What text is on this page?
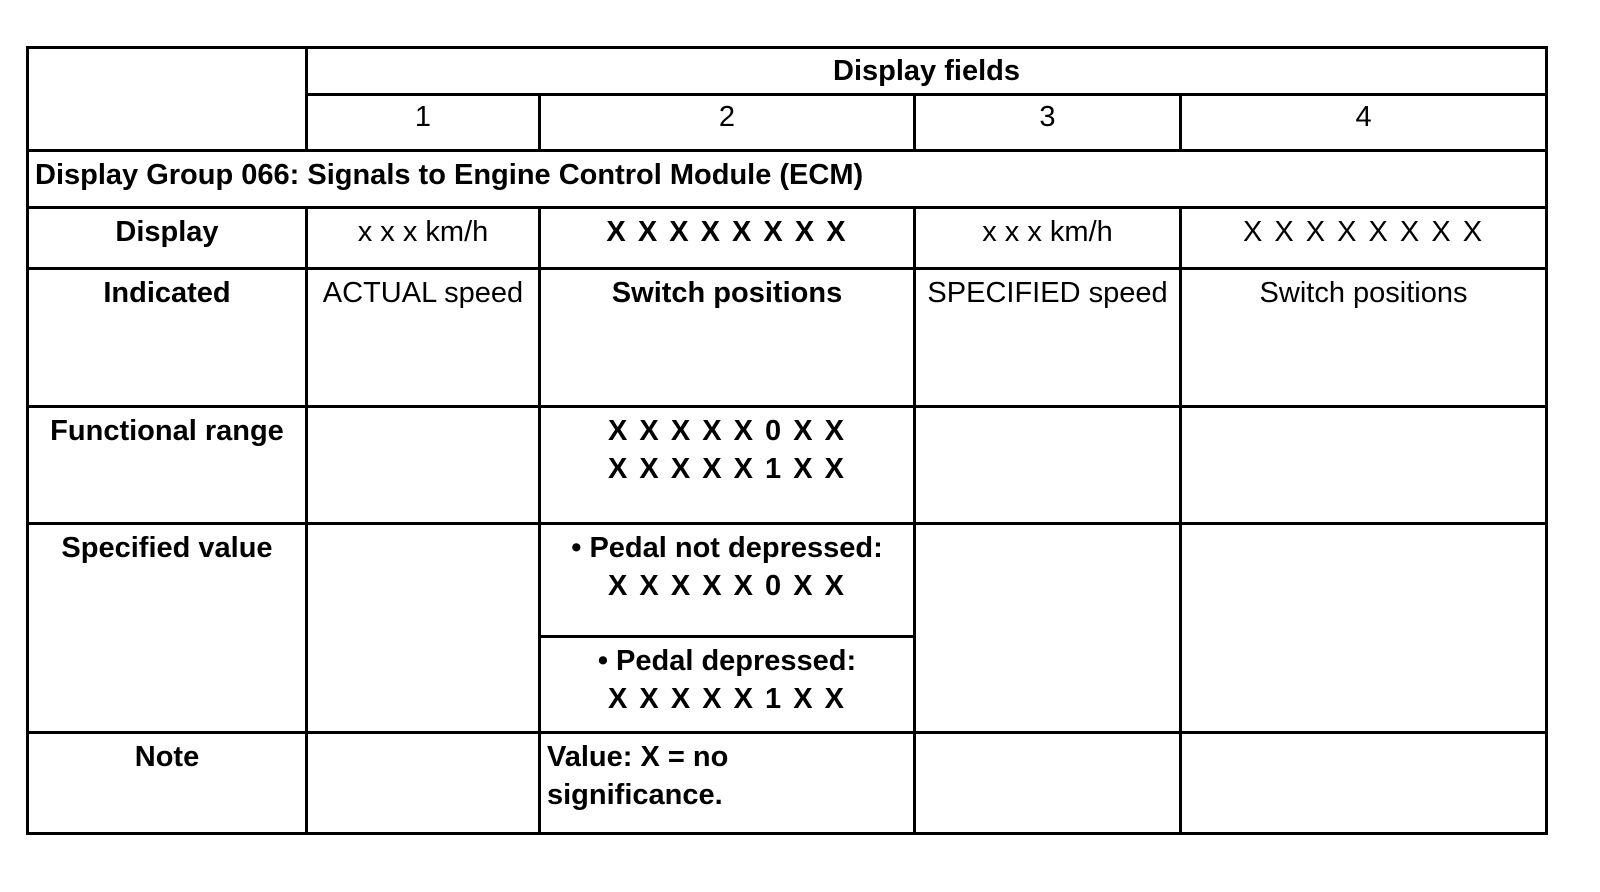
	Display fields			
	1	2	3	4
Display Group 066: Signals to Engine Control Module (ECM)				
Display	x x x km/h	X X X X X X X X	x x x km/h	X X X X X X X X
Indicated	ACTUAL speed	Switch positions	SPECIFIED speed	Switch positions
Functional range		X X X X X 0 X X
X X X X X 1 X X		

Specified value		• Pedal not depressed:
X X X X X 0 X X		

		• Pedal depressed:
X X X X X 1 X X		

Note		Value: X = no
significance.		
